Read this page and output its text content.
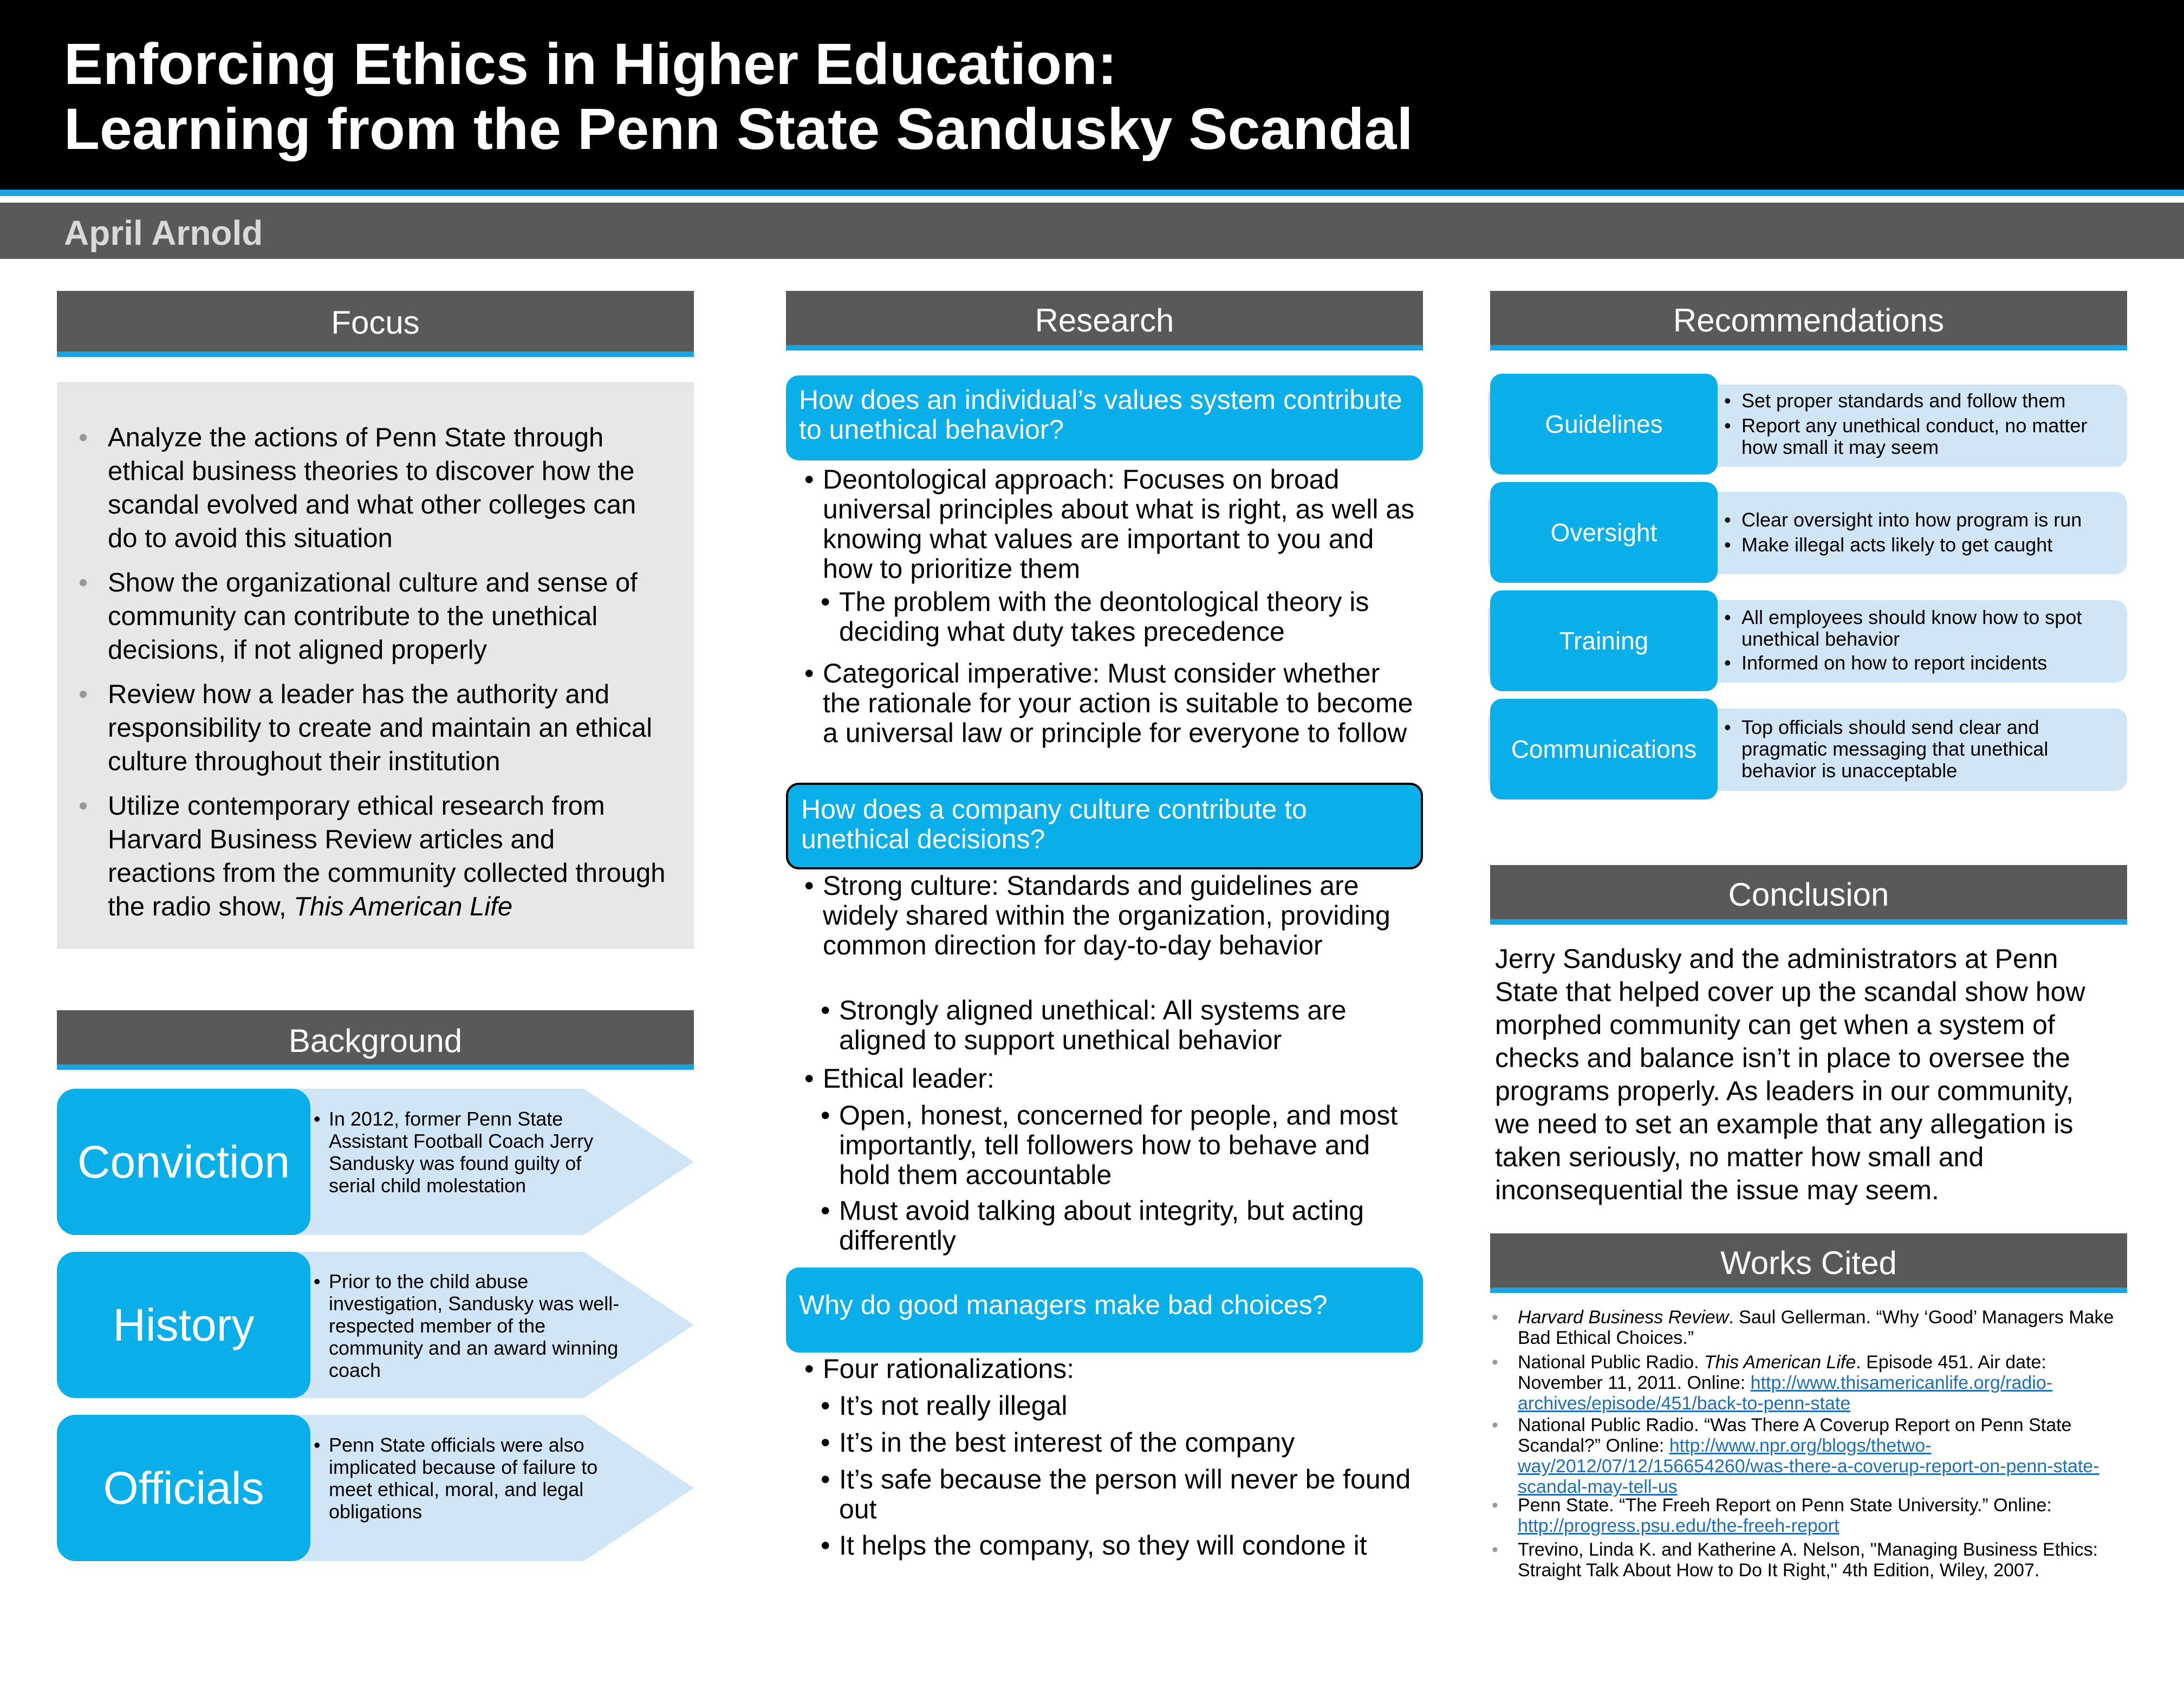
Enforcing Ethics in Higher Education:
Learning from the Penn State Sandusky Scandal
April Arnold
Focus
• Analyze the actions of Penn State through ethical business theories to discover how the scandal evolved and what other colleges can do to avoid this situation
• Show the organizational culture and sense of community can contribute to the unethical decisions, if not aligned properly
• Review how a leader has the authority and responsibility to create and maintain an ethical culture throughout their institution
• Utilize contemporary ethical research from Harvard Business Review articles and reactions from the community collected through the radio show, This American Life
Background
Conviction
• In 2012, former Penn State Assistant Football Coach Jerry Sandusky was found guilty of serial child molestation
History
• Prior to the child abuse investigation, Sandusky was well-respected member of the community and an award winning coach
Officials
• Penn State officials were also implicated because of failure to meet ethical, moral, and legal obligations
Research
How does an individual’s values system contribute to unethical behavior?
• Deontological approach: Focuses on broad universal principles about what is right, as well as knowing what values are important to you and how to prioritize them
• The problem with the deontological theory is deciding what duty takes precedence
• Categorical imperative: Must consider whether the rationale for your action is suitable to become a universal law or principle for everyone to follow
How does a company culture contribute to unethical decisions?
• Strong culture: Standards and guidelines are widely shared within the organization, providing common direction for day-to-day behavior
• Strongly aligned unethical: All systems are aligned to support unethical behavior
• Ethical leader:
• Open, honest, concerned for people, and most importantly, tell followers how to behave and hold them accountable
• Must avoid talking about integrity, but acting differently
Why do good managers make bad choices?
• Four rationalizations:
• It’s not really illegal
• It’s in the best interest of the company
• It’s safe because the person will never be found out
• It helps the company, so they will condone it
Recommendations
Guidelines
• Set proper standards and follow them
• Report any unethical conduct, no matter how small it may seem
Oversight	• Clear oversight into how program is run
• Make illegal acts likely to get caught
Training
• All employees should know how to spot unethical behavior
• Informed on how to report incidents
Communications
• Top officials should send clear and pragmatic messaging that unethical behavior is unacceptable
Conclusion
Jerry Sandusky and the administrators at Penn State that helped cover up the scandal show how morphed community can get when a system of checks and balance isn’t in place to oversee the programs properly. As leaders in our community, we need to set an example that any allegation is taken seriously, no matter how small and inconsequential the issue may seem.
Works Cited
• Harvard Business Review. Saul Gellerman. “Why ‘Good’ Managers Make Bad Ethical Choices.”
• National Public Radio. This American Life. Episode 451. Air date: November 11, 2011. Online: http://www.thisamericanlife.org/radio-archives/episode/451/back-to-penn-state
• National Public Radio. “Was There A Coverup Report on Penn State Scandal?” Online: http://www.npr.org/blogs/thetwo-way/2012/07/12/156654260/was-there-a-coverup-report-on-penn-state-scandal-may-tell-us
• Penn State. “The Freeh Report on Penn State University.” Online: http://progress.psu.edu/the-freeh-report
• Trevino, Linda K. and Katherine A. Nelson, "Managing Business Ethics: Straight Talk About How to Do It Right," 4th Edition, Wiley, 2007.
